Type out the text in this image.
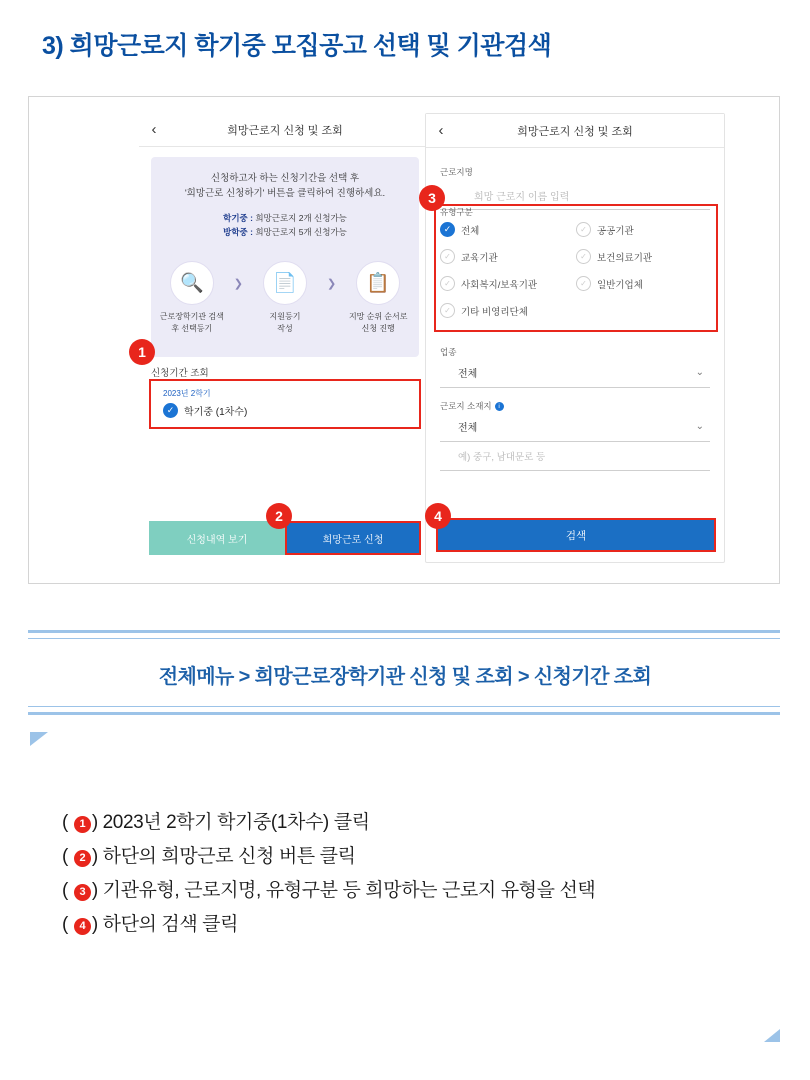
3) 희망근로지 학기중 모집공고 선택 및 기관검색
‹	희망근로지 신청 및 조회
신청하고자 하는 신청기간을 선택 후
'희망근로 신청하기' 버튼을 클릭하여 진행하세요.
학기중 : 희망근로지 2개 신청가능
방학중 : 희망근로지 5개 신청가능
🔍
근로장학기관 검색
후 선택등기
❯	📄
지원등기
작성
❯	📋
지망 순위 순서로
신청 진행
신청기간 조회
2023년 2학기
✓ 학기중 (1차수)
신청내역 보기	희망근로 신청
‹	희망근로지 신청 및 조회
근로지명
희망 근로지 이름 입력
유형구분
✓	전체	✓	공공기관
✓	교육기관	✓	보건의료기관
✓	사회복지/보육기관	✓	일반기업체
✓	기타 비영리단체
업종
전체	⌄
근로지 소재지 i
전체	⌄
예) 중구, 남대문로 등
검색
1
2
3
4
전체메뉴 > 희망근로장학기관 신청 및 조회 > 신청기간 조회
( 1 ) 2023년 2학기 학기중(1차수) 클릭
( 2 ) 하단의 희망근로 신청 버튼 클릭
( 3 ) 기관유형, 근로지명, 유형구분 등 희망하는 근로지 유형을 선택
( 4 ) 하단의 검색 클릭
